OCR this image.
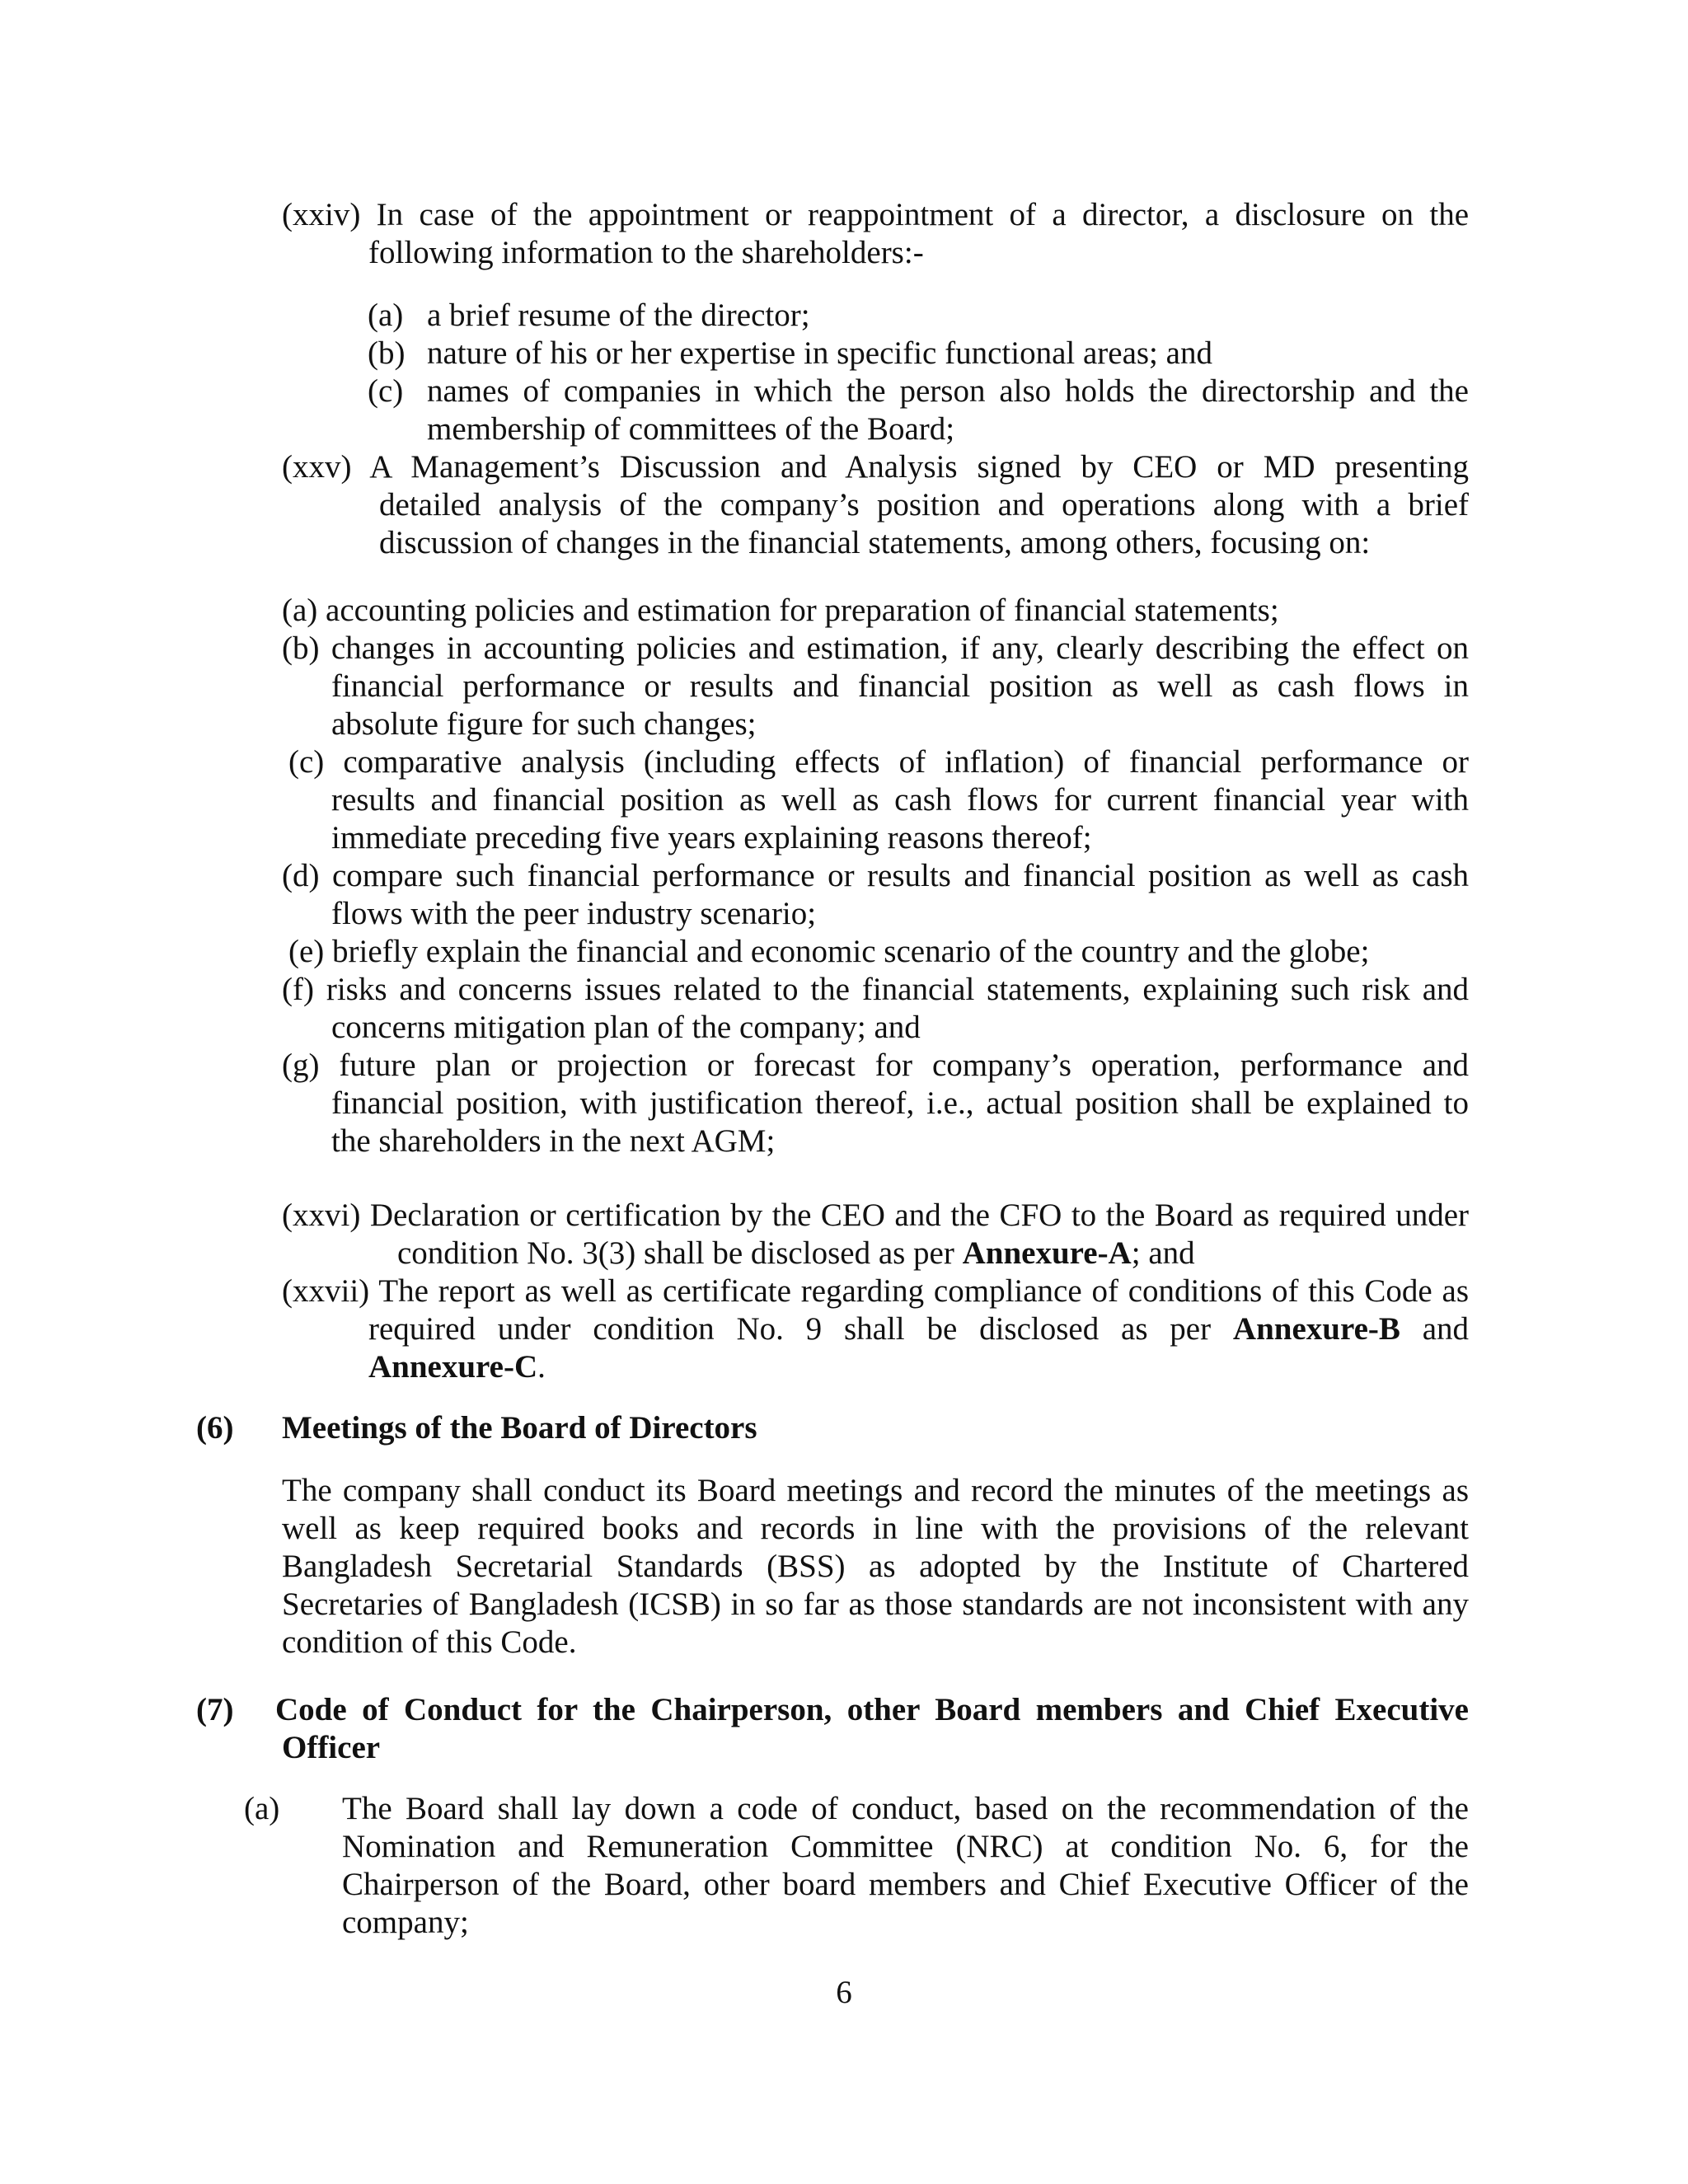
(xxiv) In case of the appointment or reappointment of a director, a disclosure on the
following information to the shareholders:-
(a) a brief resume of the director;
(b) nature of his or her expertise in specific functional areas; and
(c) names of companies in which the person also holds the directorship and the
membership of committees of the Board;
(xxv) A Management’s Discussion and Analysis signed by CEO or MD presenting
detailed analysis of the company’s position and operations along with a brief
discussion of changes in the financial statements, among others, focusing on:
(a) accounting policies and estimation for preparation of financial statements;
(b) changes in accounting policies and estimation, if any, clearly describing the effect on
financial performance or results and financial position as well as cash flows in
absolute figure for such changes;
(c) comparative analysis (including effects of inflation) of financial performance or
results and financial position as well as cash flows for current financial year with
immediate preceding five years explaining reasons thereof;
(d) compare such financial performance or results and financial position as well as cash
flows with the peer industry scenario;
(e) briefly explain the financial and economic scenario of the country and the globe;
(f) risks and concerns issues related to the financial statements, explaining such risk and
concerns mitigation plan of the company; and
(g) future plan or projection or forecast for company’s operation, performance and
financial position, with justification thereof, i.e., actual position shall be explained to
the shareholders in the next AGM;
(xxvi) Declaration or certification by the CEO and the CFO to the Board as required under
condition No. 3(3) shall be disclosed as per Annexure-A; and
(xxvii) The report as well as certificate regarding compliance of conditions of this Code as
required under condition No. 9 shall be disclosed as per Annexure-B and
Annexure-C.
(6) Meetings of the Board of Directors
The company shall conduct its Board meetings and record the minutes of the meetings as
well as keep required books and records in line with the provisions of the relevant
Bangladesh Secretarial Standards (BSS) as adopted by the Institute of Chartered
Secretaries of Bangladesh (ICSB) in so far as those standards are not inconsistent with any
condition of this Code.
(7) Code of Conduct for the Chairperson, other Board members and Chief Executive
Officer
(a) The Board shall lay down a code of conduct, based on the recommendation of the
Nomination and Remuneration Committee (NRC) at condition No. 6, for the
Chairperson of the Board, other board members and Chief Executive Officer of the
company;
6
